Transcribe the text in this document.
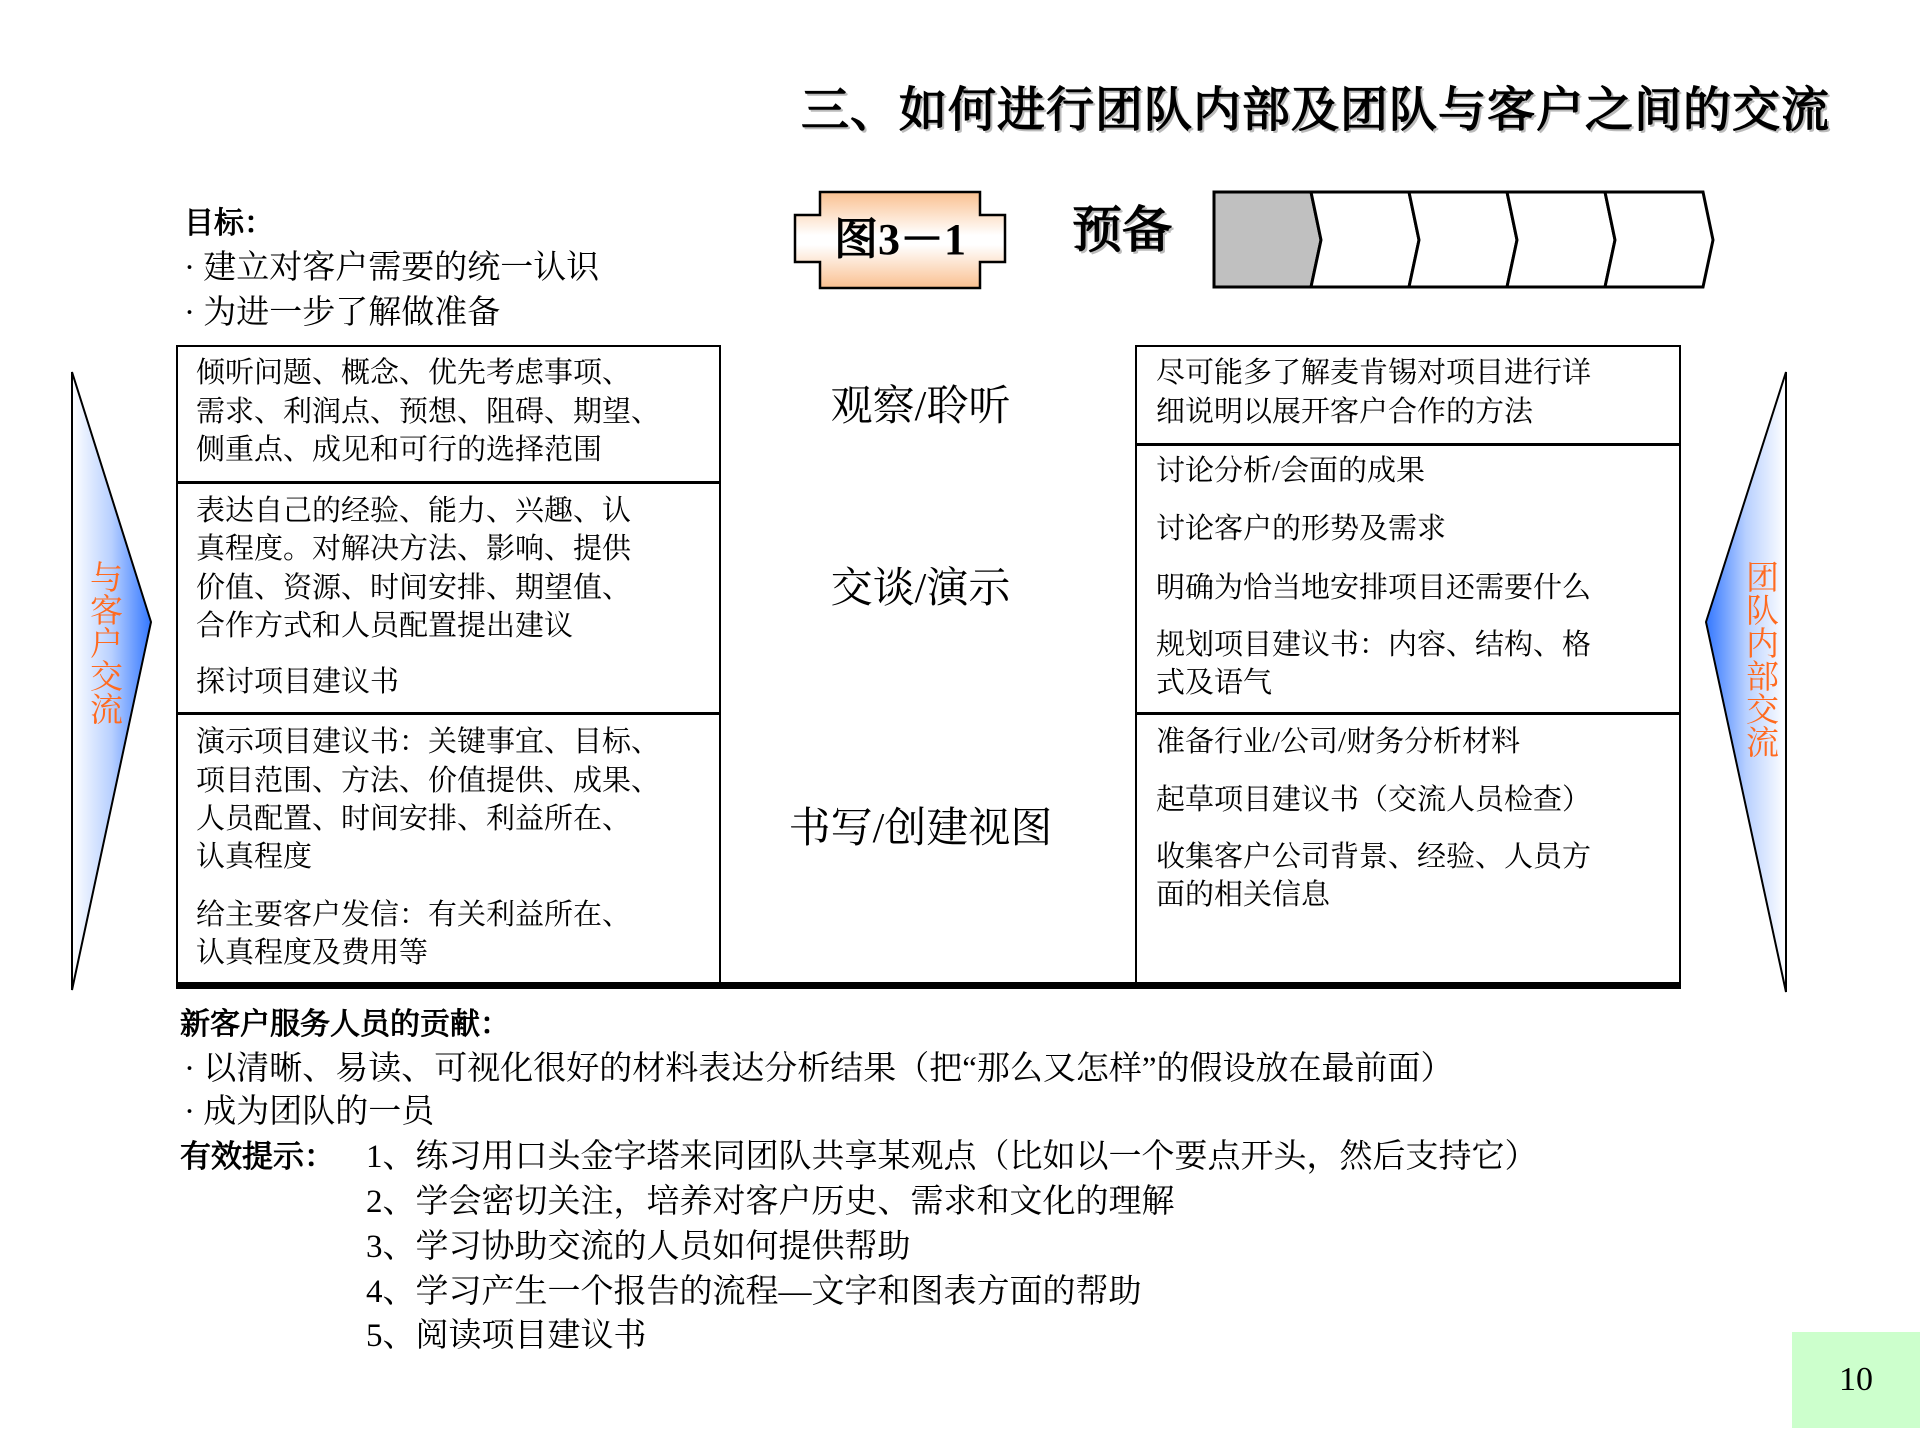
三、如何进行团队内部及团队与客户之间的交流
目标：
· 建立对客户需要的统一认识
· 为进一步了解做准备
图3－1 预备
与客户交流	团队内部交流
倾听问题、概念、优先考虑事项、
需求、利润点、预想、阻碍、期望、
侧重点、成见和可行的选择范围
表达自己的经验、能力、兴趣、认
真程度。对解决方法、影响、提供
价值、资源、时间安排、期望值、
合作方式和人员配置提出建议
探讨项目建议书
演示项目建议书：关键事宜、目标、
项目范围、方法、价值提供、成果、
人员配置、时间安排、利益所在、
认真程度
给主要客户发信：有关利益所在、
认真程度及费用等
观察/聆听
交谈/演示
书写/创建视图
尽可能多了解麦肯锡对项目进行详
细说明以展开客户合作的方法
讨论分析/会面的成果
讨论客户的形势及需求
明确为恰当地安排项目还需要什么
规划项目建议书：内容、结构、格
式及语气
准备行业/公司/财务分析材料
起草项目建议书（交流人员检查）
收集客户公司背景、经验、人员方
面的相关信息
新客户服务人员的贡献：
· 以清晰、易读、可视化很好的材料表达分析结果（把“那么又怎样”的假设放在最前面）
· 成为团队的一员
有效提示： 1、练习用口头金字塔来同团队共享某观点（比如以一个要点开头，然后支持它）
2、学会密切关注，培养对客户历史、需求和文化的理解
3、学习协助交流的人员如何提供帮助
4、学习产生一个报告的流程—文字和图表方面的帮助
5、阅读项目建议书
10
